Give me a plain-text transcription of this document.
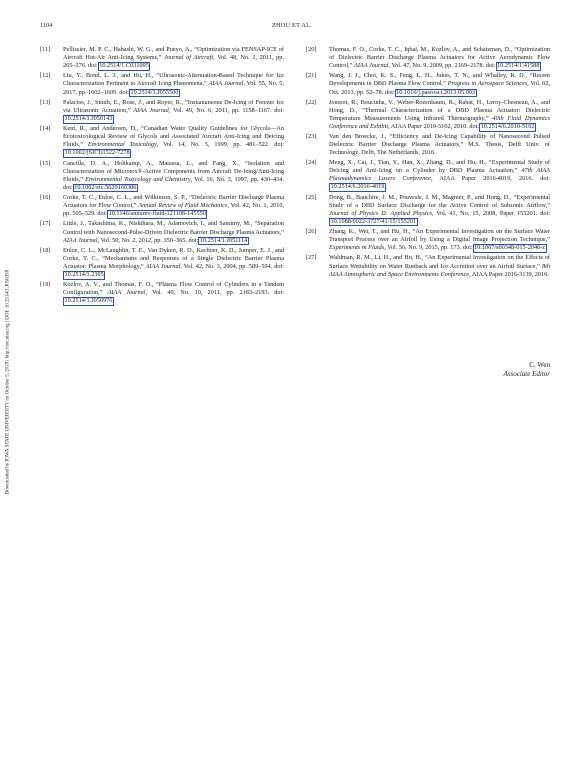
1104	ZHOU ET AL.
Downloaded by IOWA STATE UNIVERSITY on October 5, 2018 | http://arc.aiaa.org | DOI: 10.2514/1.J056358
[11] Pellissier, M. P. C., Habashi, W. G., and Pueyo, A., “Optimization via FENSAP-ICE of Aircraft Hot-Air Anti-Icing Systems,” Journal of Aircraft, Vol. 48, No. 1, 2011, pp. 265–276. doi: 10.2514/1.C031095
[12] Liu, Y., Bond, L. J., and Hu, H., “Ultrasonic-Attenuation-Based Technique for Ice Characterization Pertinent to Aircraft Icing Phenomena,” AIAA Journal, Vol. 55, No. 5, 2017, pp. 1602–1609. doi: 10.2514/1.J055500
[13] Palacios, J., Smith, E., Rose, J., and Royer, R., “Instantaneous De-Icing of Freezer Ice via Ultrasonic Actuation,” AIAA Journal, Vol. 49, No. 6, 2011, pp. 1158–1167. doi:10.2514/1.J050143
[14] Kent, R., and Andersen, D., “Canadian Water Quality Guidelines for Glycols—An Ecotoxicological Review of Glycols and Associated Aircraft Anti-Icing and Deicing Fluids,” Environmental Toxicology, Vol. 14, No. 5, 1999, pp. 481–522. doi:10.1002/(SICI)1522-7278
[15] Cancilla, D. A., Holtkamp, A., Matassa, L., and Fang, X., “Isolation and Characterization of Microtox®-Active Components from Aircraft De-Icing/Anti-Icing Fluids,” Environmental Toxicology and Chemistry, Vol. 16, No. 3, 1997, pp. 430–434. doi: 10.1002/etc.5620160306
[16] Corke, T. C., Enloe, C. L., and Wilkinson, S. P., “Dielectric Barrier Discharge Plasma Actuators for Flow Control,” Annual Review of Fluid Mechanics, Vol. 42, No. 1, 2010, pp. 505–529. doi: 10.1146/annurev-fluid-121108-145550
[17] Little, J., Takashima, K., Nishihara, M., Adamovich, I., and Samimy, M., “Separation Control with Nanosecond-Pulse-Driven Dielectric Barrier Discharge Plasma Actuators,” AIAA Journal, Vol. 50, No. 2, 2012, pp. 350–365. doi: 10.2514/1.J051114
[18] Enloe, C. L., McLaughlin, T. E., Van Dyken, R. D., Kachner, K. D., Jumper, E. J., and Corke, T. C., “Mechanisms and Responses of a Single Dielectric Barrier Plasma Actuator: Plasma Morphology,” AIAA Journal, Vol. 42, No. 3, 2004, pp. 589–594. doi:10.2514/1.2305
[19] Kozlov, A. V., and Thomas, F. O., “Plasma Flow Control of Cylinders in a Tandem Configuration,” AIAA Journal, Vol. 49, No. 10, 2011, pp. 2183–2193. doi:10.2514/1.J050976
[20] Thomas, F. O., Corke, T. C., Iqbal, M., Kozlov, A., and Schatzman, D., “Optimization of Dielectric Barrier Discharge Plasma Actuators for Active Aerodynamic Flow Control,” AIAA Journal, Vol. 47, No. 9, 2009, pp. 2169–2178. doi: 10.2514/1.41588
[21] Wang, J. J., Choi, K. S., Feng, L. H., Jukes, T. N., and Whalley, R. D., “Recent Developments in DBD Plasma Flow Control,” Progress in Aerospace Sciences, Vol. 62, Oct. 2013, pp. 52–78. doi: 10.1016/j.paerosci.2013.05.003
[22] Joussot, R., Boucinha, V., Weber-Rozenbaum, R., Rabat, H., Leroy-Chesneau, A., and Hong, D., “Thermal Characterization of a DBD Plasma Actuator: Dielectric Temperature Measurements Using Infrared Thermography,” 40th Fluid Dynamics Conference and Exhibit, AIAA Paper 2010-5102, 2010. doi: 10.2514/6.2010-5102
[23] Van den Broecke, J., “Efficiency and De-Icing Capability of Nanosecond Pulsed Dielectric Barrier Discharge Plasma Actuators,” M.S. Thesis, Delft Univ. of Technology, Delft, The Netherlands, 2016.
[24] Meng, X., Cai, J., Tian, Y., Han, X., Zhang, D., and Hu, H., “Experimental Study of Deicing and Anti-Icing on a Cylinder by DBD Plasma Actuation,” 47th AIAA Plasmadynamics Lasers Conference, AIAA Paper 2016-4019, 2016. doi:10.2514/6.2016-4019
[25] Dong, B., Bauchire, J. M., Pouvesle, J. M., Magnier, P., and Hong, D., “Experimental Study of a DBD Surface Discharge for the Active Control of Subsonic Airflow,” Journal of Physics D: Applied Physics, Vol. 41, No. 15, 2008, Paper 155201. doi:10.1088/0022-3727/41/15/155201
[26] Zhang, K., Wei, T., and Hu, H., “An Experimental Investigation on the Surface Water Transport Process over an Airfoil by Using a Digital Image Projection Technique,” Experiments in Fluids, Vol. 56, No. 9, 2015, pp. 173. doi: 10.1007/s00348-015-2046-z
[27] Waldman, R. M., Li, H., and Hu, H., “An Experimental Investigation on the Effects of Surface Wettability on Water Runback and Ice Accretion over an Airfoil Surface,” 8th AIAA Atmospheric and Space Environments Conference, AIAA Paper 2016-3139, 2016.
C. Wen
Associate Editor
